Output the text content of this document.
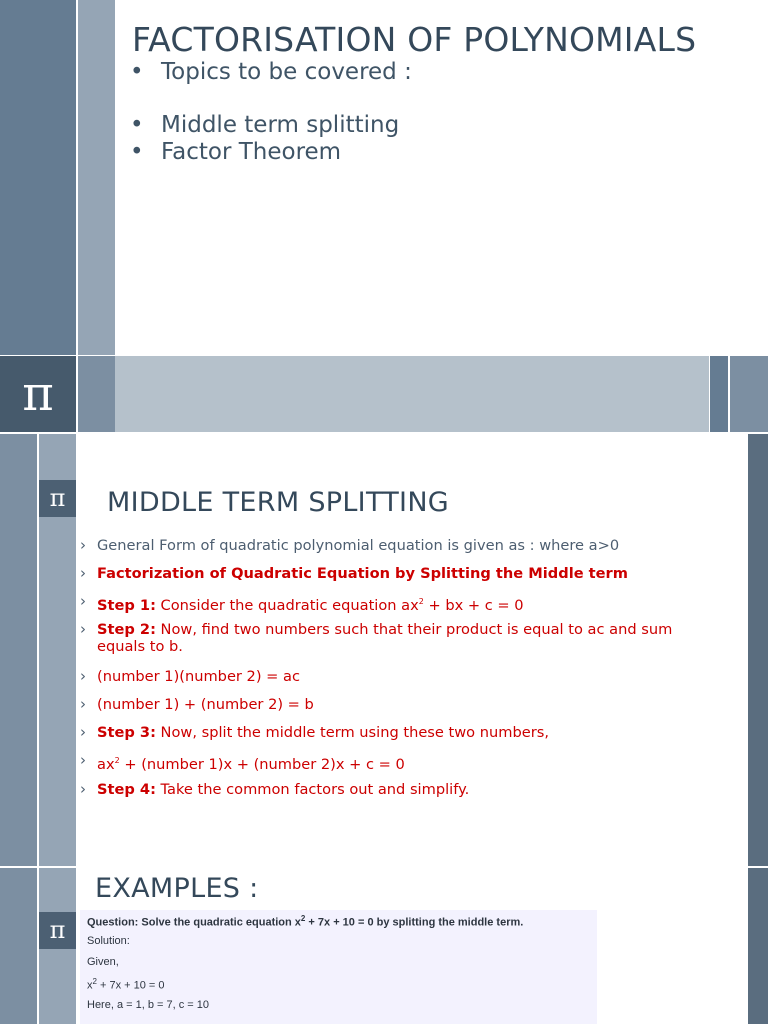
FACTORISATION OF POLYNOMIALS
• Topics to be covered :
• Middle term splitting
• Factor Theorem
π
π	MIDDLE TERM SPLITTING
› General Form of quadratic polynomial equation is given as : where a>0
› Factorization of Quadratic Equation by Splitting the Middle term
› Step 1: Consider the quadratic equation $ax^2$ + bx + c = 0
› Step 2: Now, find two numbers such that their product is equal to ac and sum equals to b.
› (number 1)(number 2) = ac
› (number 1) + (number 2) = b
› Step 3: Now, split the middle term using these two numbers,
› $ax^2$ + (number 1)x + (number 2)x + c = 0
› Step 4: Take the common factors out and simplify.
π
EXAMPLES :
Question: Solve the quadratic equation $x^2 + 7x + 10 = 0$ by splitting the middle term.
Solution:
Given,
$x^2 + 7x + 10 = 0$
Here, a = 1, b = 7, c = 10
